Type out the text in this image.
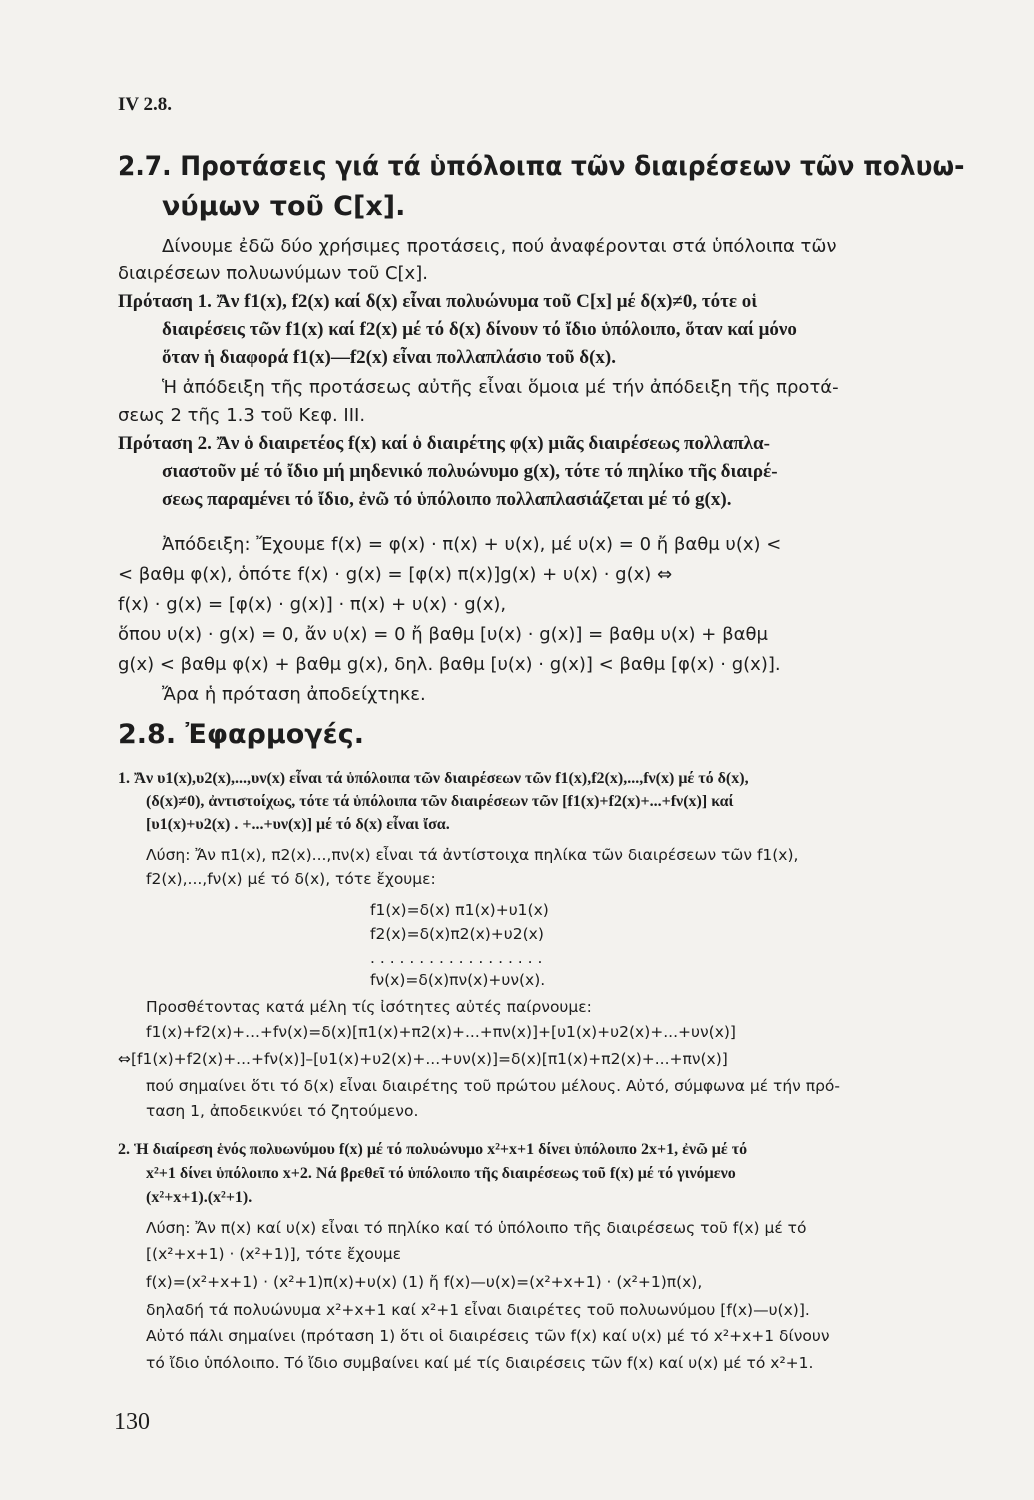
IV 2.8.
2.7. Προτάσεις γιά τά ὑπόλοιπα τῶν διαιρέσεων τῶν πολυω-
νύμων τοῦ C[x].
Δίνουμε ἐδῶ δύο χρήσιμες προτάσεις, πού ἀναφέρονται στά ὑπόλοιπα τῶν
διαιρέσεων πολυωνύμων τοῦ C[x].
Πρόταση 1. Ἄν f1(x), f2(x) καί δ(x) εἶναι πολυώνυμα τοῦ C[x] μέ δ(x)≠0, τότε οἱ
διαιρέσεις τῶν f1(x) καί f2(x) μέ τό δ(x) δίνουν τό ἴδιο ὑπόλοιπο, ὅταν καί μόνο
ὅταν ἡ διαφορά f1(x)—f2(x) εἶναι πολλαπλάσιο τοῦ δ(x).
Ἡ ἀπόδειξη τῆς προτάσεως αὐτῆς εἶναι ὅμοια μέ τήν ἀπόδειξη τῆς προτά-
σεως 2 τῆς 1.3 τοῦ Κεφ. ΙΙΙ.
Πρόταση 2. Ἄν ὁ διαιρετέος f(x) καί ὁ διαιρέτης φ(x) μιᾶς διαιρέσεως πολλαπλα-
σιαστοῦν μέ τό ἴδιο μή μηδενικό πολυώνυμο g(x), τότε τό πηλίκο τῆς διαιρέ-
σεως παραμένει τό ἴδιο, ἐνῶ τό ὑπόλοιπο πολλαπλασιάζεται μέ τό g(x).
Ἀπόδειξη: Ἔχουμε f(x) = φ(x) · π(x) + υ(x), μέ υ(x) = 0 ἤ βαθμ υ(x) <
< βαθμ φ(x), ὁπότε f(x) · g(x) = [φ(x) π(x)]g(x) + υ(x) · g(x) ⇔
f(x) · g(x) = [φ(x) · g(x)] · π(x) + υ(x) · g(x),
ὅπου υ(x) · g(x) = 0, ἄν υ(x) = 0 ἤ βαθμ [υ(x) · g(x)] = βαθμ υ(x) + βαθμ
g(x) < βαθμ φ(x) + βαθμ g(x), δηλ. βαθμ [υ(x) · g(x)] < βαθμ [φ(x) · g(x)].
Ἄρα ἡ πρόταση ἀποδείχτηκε.
2.8. Ἐφαρμογές.
1. Ἄν υ1(x),υ2(x),...,υν(x) εἶναι τά ὑπόλοιπα τῶν διαιρέσεων τῶν f1(x),f2(x),...,fν(x) μέ τό δ(x),
(δ(x)≠0), ἀντιστοίχως, τότε τά ὑπόλοιπα τῶν διαιρέσεων τῶν [f1(x)+f2(x)+...+fν(x)] καί
[υ1(x)+υ2(x) . +...+υν(x)] μέ τό δ(x) εἶναι ἴσα.
Λύση: Ἄν π1(x), π2(x)...,πν(x) εἶναι τά ἀντίστοιχα πηλίκα τῶν διαιρέσεων τῶν f1(x),
f2(x),...,fν(x) μέ τό δ(x), τότε ἔχουμε:
f1(x)=δ(x) π1(x)+υ1(x)
f2(x)=δ(x)π2(x)+υ2(x)
. . . . . . . . . . . . . . . . . .
fν(x)=δ(x)πν(x)+υν(x).
Προσθέτοντας κατά μέλη τίς ἰσότητες αὐτές παίρνουμε:
f1(x)+f2(x)+...+fν(x)=δ(x)[π1(x)+π2(x)+...+πν(x)]+[υ1(x)+υ2(x)+...+υν(x)]
⇔[f1(x)+f2(x)+...+fν(x)]–[υ1(x)+υ2(x)+...+υν(x)]=δ(x)[π1(x)+π2(x)+...+πν(x)]
πού σημαίνει ὅτι τό δ(x) εἶναι διαιρέτης τοῦ πρώτου μέλους. Αὐτό, σύμφωνα μέ τήν πρό-
ταση 1, ἀποδεικνύει τό ζητούμενο.
2. Ἡ διαίρεση ἑνός πολυωνύμου f(x) μέ τό πολυώνυμο x²+x+1 δίνει ὑπόλοιπο 2x+1, ἐνῶ μέ τό
x²+1 δίνει ὑπόλοιπο x+2. Νά βρεθεῖ τό ὑπόλοιπο τῆς διαιρέσεως τοῦ f(x) μέ τό γινόμενο
(x²+x+1).(x²+1).
Λύση: Ἄν π(x) καί υ(x) εἶναι τό πηλίκο καί τό ὑπόλοιπο τῆς διαιρέσεως τοῦ f(x) μέ τό
[(x²+x+1) · (x²+1)], τότε ἔχουμε
f(x)=(x²+x+1) · (x²+1)π(x)+υ(x) (1) ἤ f(x)—υ(x)=(x²+x+1) · (x²+1)π(x),
δηλαδή τά πολυώνυμα x²+x+1 καί x²+1 εἶναι διαιρέτες τοῦ πολυωνύμου [f(x)—υ(x)].
Αὐτό πάλι σημαίνει (πρόταση 1) ὅτι οἱ διαιρέσεις τῶν f(x) καί υ(x) μέ τό x²+x+1 δίνουν
τό ἴδιο ὑπόλοιπο. Τό ἴδιο συμβαίνει καί μέ τίς διαιρέσεις τῶν f(x) καί υ(x) μέ τό x²+1.
130
